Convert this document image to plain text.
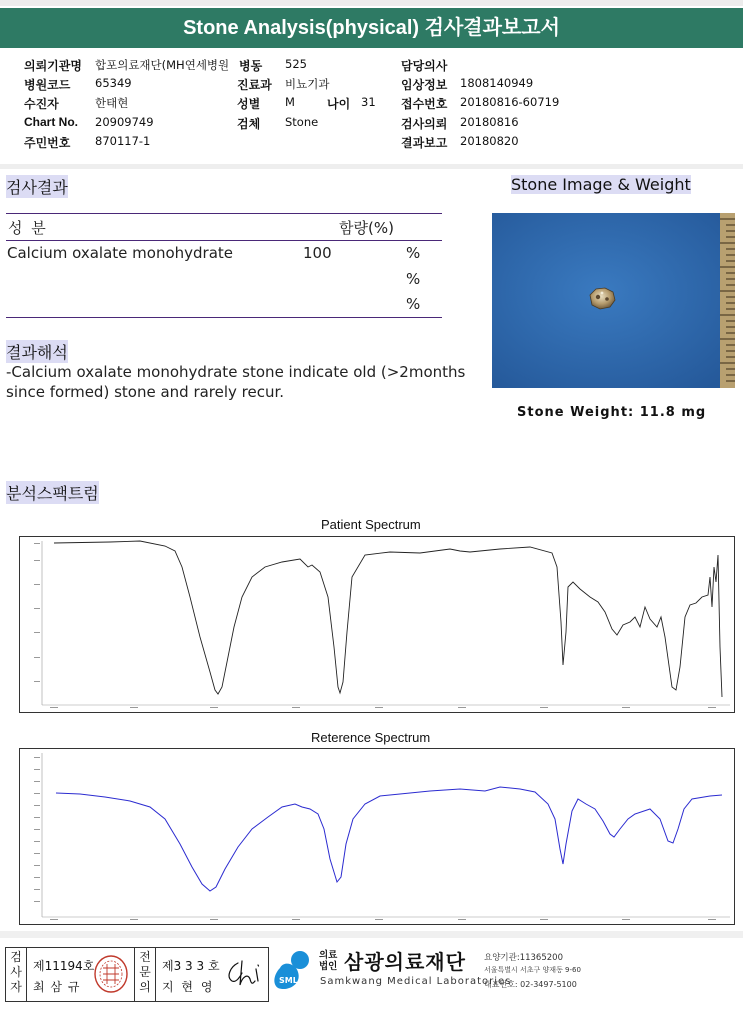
Stone Analysis(physical) 검사결과보고서
의뢰기관명 합포의료재단(MH연세병원 병동 525	담당의사
병원코드 65349	진료과 비뇨기과	임상정보 1808140949
수진자	한태현	성별 M	나이 31 접수번호 20180816-60719
Chart No. 20909749	검체 Stone	검사의뢰 20180816
주민번호 870117-1	결과보고 20180820
검사결과
성 분	함량(%)
Calcium oxalate monohydrate	100	%
%
%
결과해석
-Calcium oxalate monohydrate stone indicate old (>2months since formed) stone and rarely recur.
Stone Image & Weight
Stone Weight: 11.8 mg
분석스팩트럼
Patient Spectrum
Reterence Spectrum
검사자
제11194호
최 삼 규
전문의
제3 3 3 호
지 현 영	SML
의료법인 삼광의료재단
Samkwang Medical Laboratories
요양기관:11365200
서울특별시 서초구 양재동 9-60
대표번호: 02-3497-5100
